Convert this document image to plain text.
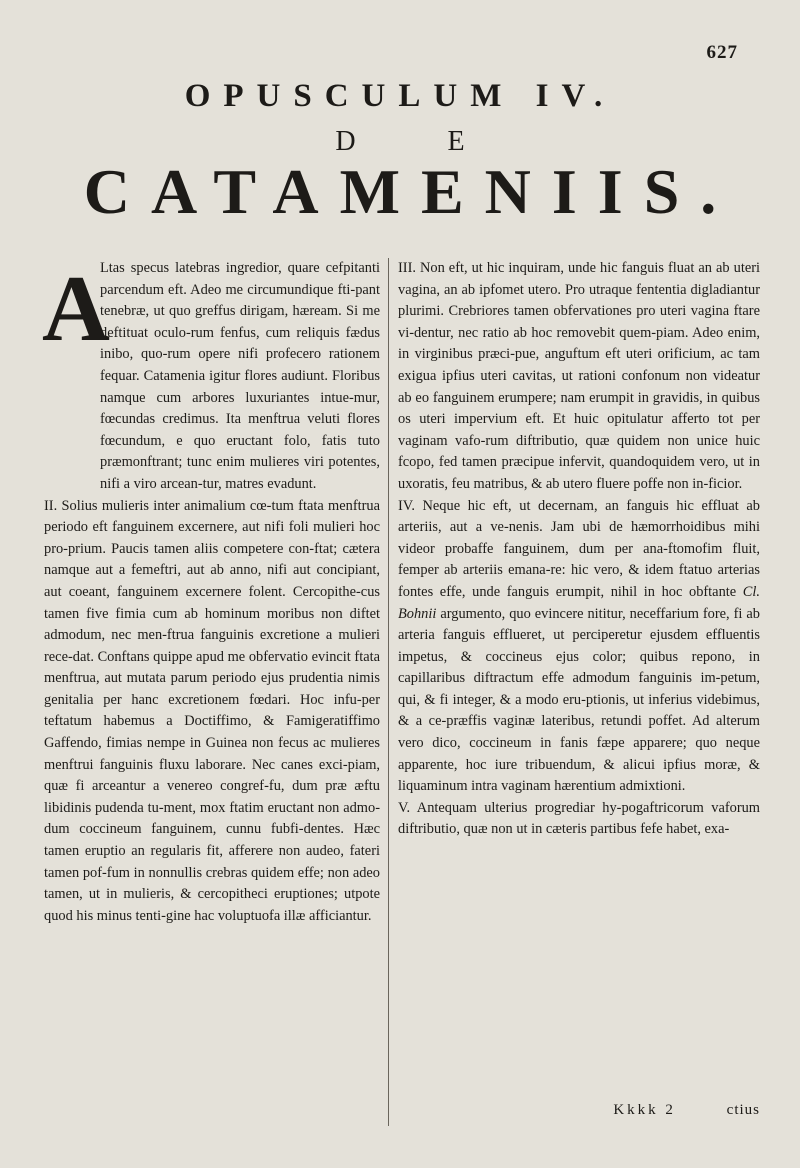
627
OPUSCULUM IV.
DE
CATAMENIIS.
A

Ltas specus latebras ingredior, quare cefpitanti parcendum eft. Adeo me circumundique fti-pant tenebræ, ut quo greffus dirigam, hæream. Si me deftituat oculo-rum fenfus, cum reliquis fædus inibo, quo-rum opere nifi profecero rationem fequar. Catamenia igitur flores audiunt. Floribus namque cum arbores luxuriantes intue-mur, fœcundas credimus. Ita menftrua veluti flores fœcundum, e quo eructant folo, fatis tuto præmonftrant; tunc enim mulieres viri potentes, nifi a viro arcean-tur, matres evadunt.

II. Solius mulieris inter animalium cœ-tum ftata menftrua periodo eft fanguinem excernere, aut nifi foli mulieri hoc pro-prium. Paucis tamen aliis competere con-ftat; cætera namque aut a femeftri, aut ab anno, nifi aut concipiant, aut coeant, fanguinem excernere folent. Cercopithe-cus tamen five fimia cum ab hominum moribus non diftet admodum, nec men-ftrua fanguinis excretione a mulieri rece-dat. Conftans quippe apud me obfervatio evincit ftata menftrua, aut mutata parum periodo ejus prudentia nimis genitalia per hanc excretionem fœdari. Hoc infu-per teftatum habemus a Doctiffimo, & Famigeratiffimo Gaffendo, fimias nempe in Guinea non fecus ac mulieres menftrui fanguinis fluxu laborare. Nec canes exci-piam, quæ fi arceantur a venereo congref-fu, dum præ æftu libidinis pudenda tu-ment, mox ftatim eructant non admo-dum coccineum fanguinem, cunnu fubfi-dentes. Hæc tamen eruptio an regularis fit, afferere non audeo, fateri tamen pof-fum in nonnullis crebras quidem effe; non adeo tamen, ut in mulieris, & cercopitheci eruptiones; utpote quod his minus tenti-gine hac voluptuofa illæ afficiantur.

III. Non eft, ut hic inquiram, unde hic fanguis fluat an ab uteri vagina, an ab ipfomet utero. Pro utraque fententia digladiantur plurimi. Crebriores tamen obfervationes pro uteri vagina ftare vi-dentur, nec ratio ab hoc removebit quem-piam. Adeo enim, in virginibus præci-pue, anguftum eft uteri orificium, ac tam exigua ipfius uteri cavitas, ut rationi confonum non videatur ab eo fanguinem erumpere; nam erumpit in gravidis, in quibus os uteri impervium eft. Et huic opitulatur afferto tot per vaginam vafo-rum diftributio, quæ quidem non unice huic fcopo, fed tamen præcipue infervit, quandoquidem vero, ut in uxoratis, feu matribus, & ab utero fluere poffe non in-ficior.

IV. Neque hic eft, ut decernam, an fanguis hic effluat ab arteriis, aut a ve-nenis. Jam ubi de hæmorrhoidibus mihi videor probaffe fanguinem, dum per ana-ftomofim fluit, femper ab arteriis emana-re: hic vero, & idem ftatuo arterias fontes effe, unde fanguis erumpit, nihil in hoc obftante Cl. Bohnii argumento, quo evincere nititur, neceffarium fore, fi ab arteria fanguis efflueret, ut perciperetur ejusdem effluentis impetus, & coccineus ejus color; quibus repono, in capillaribus diftractum effe admodum fanguinis im-petum, qui, & fi integer, & a modo eru-ptionis, ut inferius videbimus, & a ce-præffis vaginæ lateribus, retundi poffet. Ad alterum vero dico, coccineum in fanis fæpe apparere; quo neque apparente, hoc iure tribuendum, & alicui ipfius moræ, & liquaminum intra vaginam hærentium admixtioni.

V. Antequam ulterius progrediar hy-pogaftricorum vaforum diftributio, quæ non ut in cæteris partibus fefe habet, exa-

Kkkk 2	ctius
